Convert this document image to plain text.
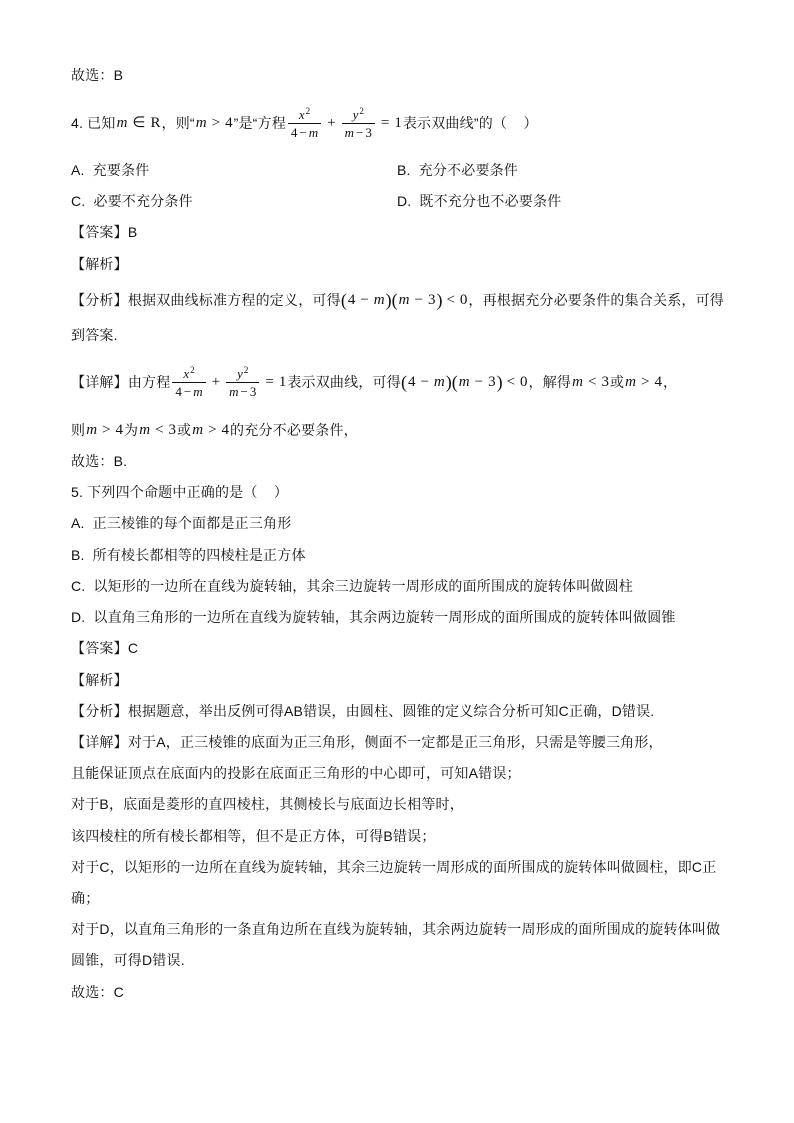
故选：B
4. 已知 m ∈ R ，则“ m > 4 ”是“方程 $\frac{x 2}{4 - m} + \frac{y 2}{m - 3} = 1$ 表示双曲线”的（    ）
A. 充要条件	B. 充分不必要条件
C. 必要不充分条件	D. 既不充分也不必要条件
【答案】 B
【解析】
【分析】 根据双曲线标准方程的定义，可得 ( 4 − m ) ( m − 3 ) < 0 ，再根据充分必要条件的集合关系，可得
到答案.
【详解】 由方程 $\frac{x 2}{4 - m} + \frac{y 2}{m - 3} = 1$ 表示双曲线，可得 ( 4 − m ) ( m − 3 ) < 0 ，解得 m < 3 或 m > 4 ，
则 m > 4 为 m < 3 或 m > 4 的充分不必要条件，
故选：B.
5. 下列四个命题中正确的是（    ）
A. 正三棱锥的每个面都是正三角形
B. 所有棱长都相等的四棱柱是正方体
C. 以矩形的一边所在直线为旋转轴，其余三边旋转一周形成的面所围成的旋转体叫做圆柱
D. 以直角三角形的一边所在直线为旋转轴，其余两边旋转一周形成的面所围成的旋转体叫做圆锥
【答案】 C
【解析】
【分析】 根据题意，举出反例可得AB错误，由圆柱、圆锥的定义综合分析可知C正确，D错误.
【详解】 对于A，正三棱锥的底面为正三角形，侧面不一定都是正三角形，只需是等腰三角形，
且能保证顶点在底面内的投影在底面正三角形的中心即可，可知A错误；
对于B，底面是菱形的直四棱柱，其侧棱长与底面边长相等时，
该四棱柱的所有棱长都相等，但不是正方体，可得B错误；
对于C，以矩形的一边所在直线为旋转轴，其余三边旋转一周形成的面所围成的旋转体叫做圆柱，即C正
确；
对于D，以直角三角形的一条直角边所在直线为旋转轴，其余两边旋转一周形成的面所围成的旋转体叫做
圆锥，可得D错误.
故选：C
